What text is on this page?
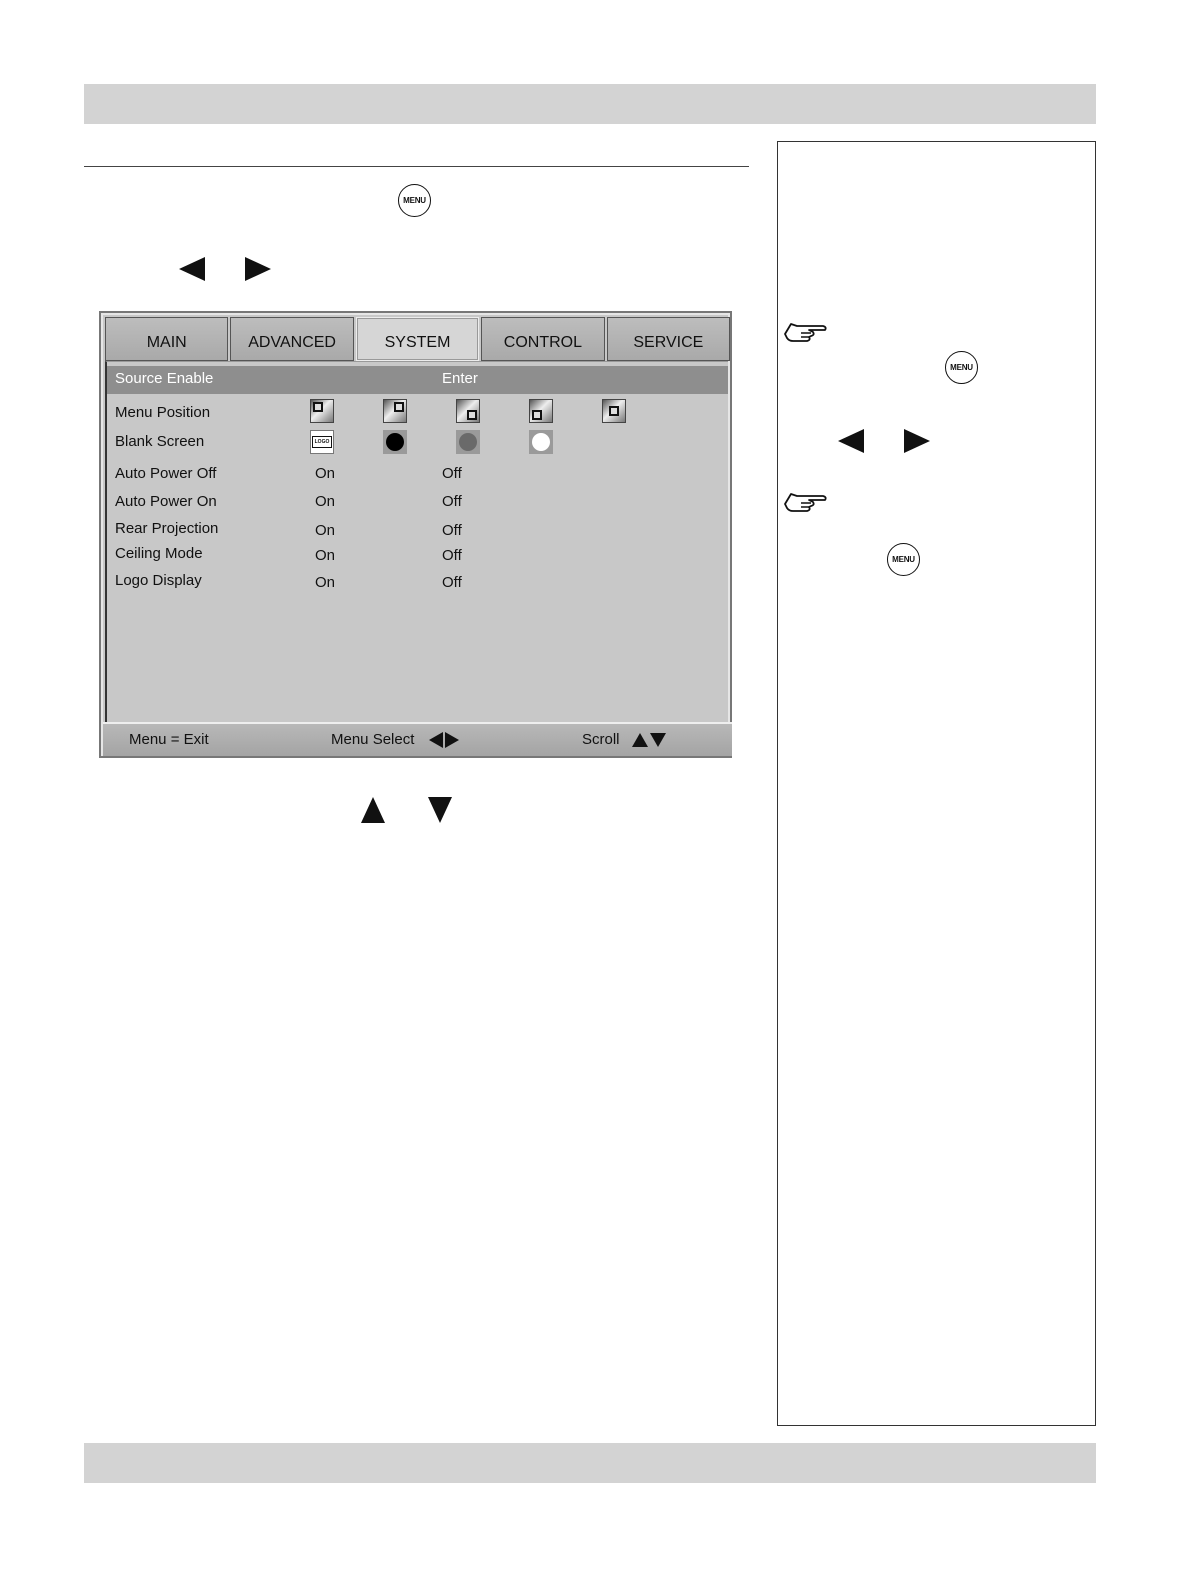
MENU
MAIN	ADVANCED	SYSTEM	CONTROL	SERVICE
Source Enable	Enter
Menu Position
Blank Screen	LOGO
Auto Power Off	On	Off
Auto Power On	On	Off
Rear Projection	On	Off
Ceiling Mode	On	Off
Logo Display	On	Off
Menu = Exit	Menu Select	Scroll
MENU
MENU
